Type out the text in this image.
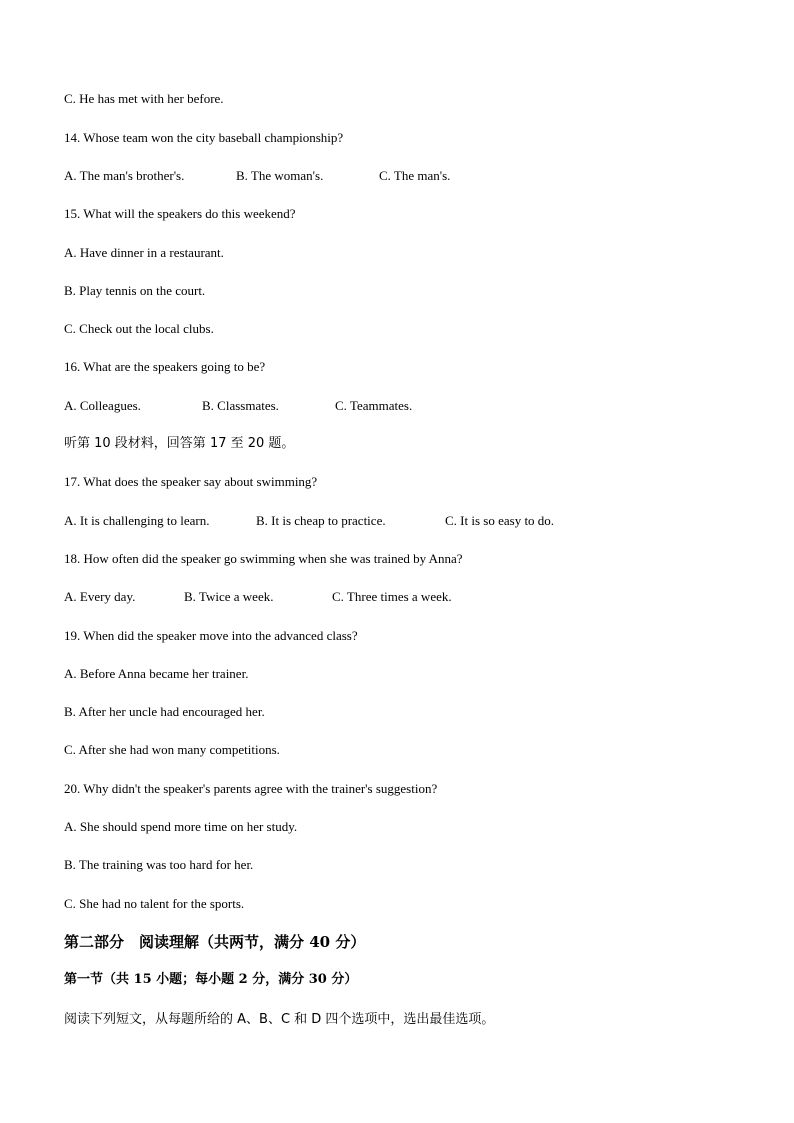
C. He has met with her before.
14. Whose team won the city baseball championship?
A. The man's brother's.	B. The woman's.	C. The man's.
15. What will the speakers do this weekend?
A. Have dinner in a restaurant.
B. Play tennis on the court.
C. Check out the local clubs.
16. What are the speakers going to be?
A. Colleagues.	B. Classmates.	C. Teammates.
听第 10 段材料，回答第 17 至 20 题。
17. What does the speaker say about swimming?
A. It is challenging to learn.	B. It is cheap to practice.	C. It is so easy to do.
18. How often did the speaker go swimming when she was trained by Anna?
A. Every day.	B. Twice a week.	C. Three times a week.
19. When did the speaker move into the advanced class?
A. Before Anna became her trainer.
B. After her uncle had encouraged her.
C. After she had won many competitions.
20. Why didn't the speaker's parents agree with the trainer's suggestion?
A. She should spend more time on her study.
B. The training was too hard for her.
C. She had no talent for the sports.
第二部分　阅读理解（共两节，满分 40 分）
第一节（共 15 小题；每小题 2 分，满分 30 分）
阅读下列短文，从每题所给的 A、B、C 和 D 四个选项中，选出最佳选项。
